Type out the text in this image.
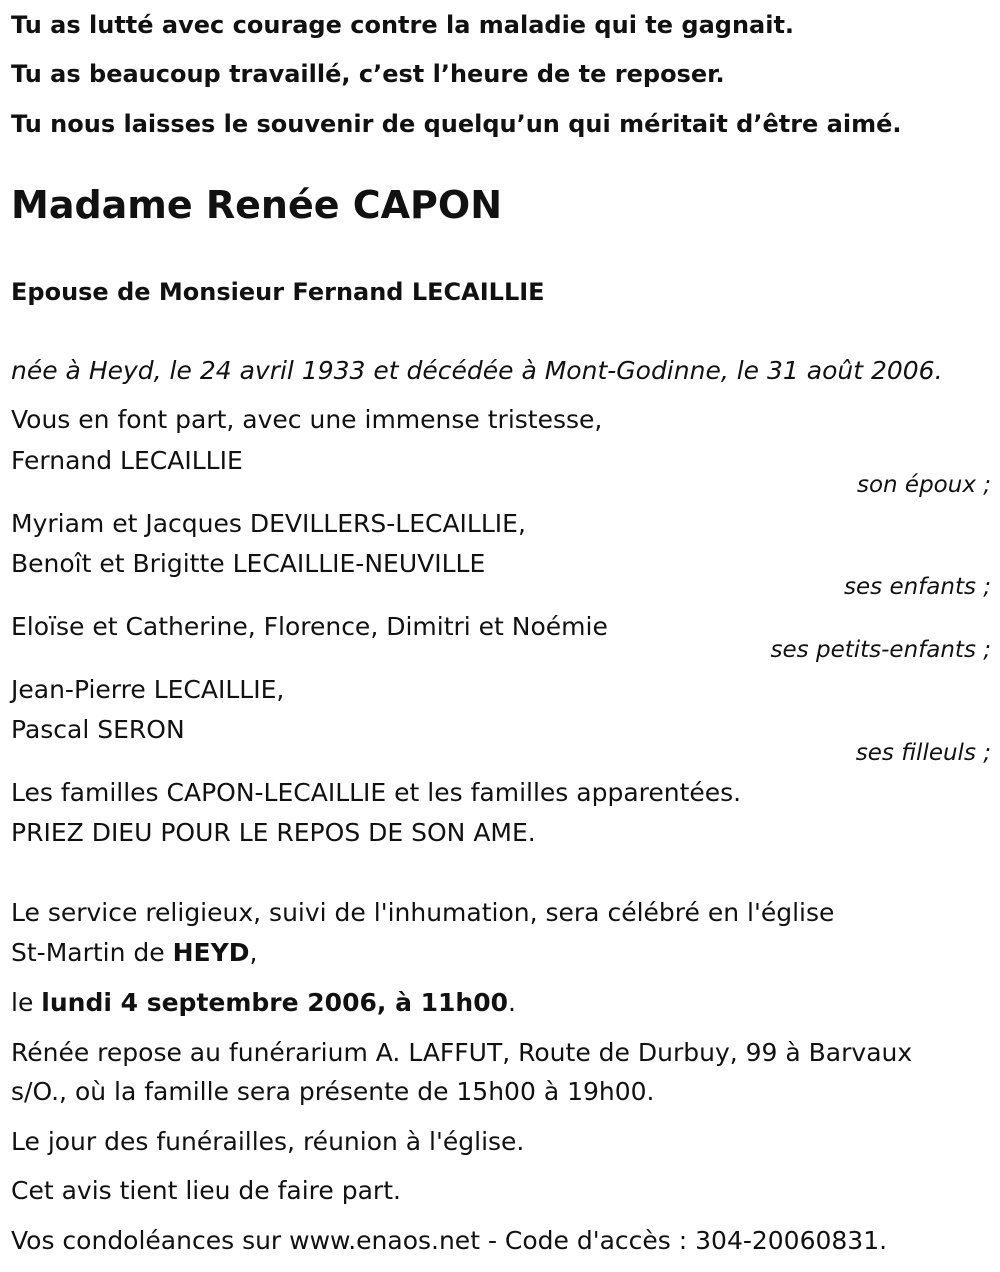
Tu as lutté avec courage contre la maladie qui te gagnait.
Tu as beaucoup travaillé, c’est l’heure de te reposer.
Tu nous laisses le souvenir de quelqu’un qui méritait d’être aimé.
Madame Renée CAPON
Epouse de Monsieur Fernand LECAILLIE
née à Heyd, le 24 avril 1933 et décédée à Mont-Godinne, le 31 août 2006.
Vous en font part, avec une immense tristesse,
Fernand LECAILLIE
son époux ;
Myriam et Jacques DEVILLERS-LECAILLIE,
Benoît et Brigitte LECAILLIE-NEUVILLE
ses enfants ;
Eloïse et Catherine, Florence, Dimitri et Noémie
ses petits-enfants ;
Jean-Pierre LECAILLIE,
Pascal SERON
ses filleuls ;
Les familles CAPON-LECAILLIE et les familles apparentées.
PRIEZ DIEU POUR LE REPOS DE SON AME.
Le service religieux, suivi de l'inhumation, sera célébré en l'église
St-Martin de HEYD,
le lundi 4 septembre 2006, à 11h00.
Rénée repose au funérarium A. LAFFUT, Route de Durbuy, 99 à Barvaux
s/O., où la famille sera présente de 15h00 à 19h00.
Le jour des funérailles, réunion à l'église.
Cet avis tient lieu de faire part.
Vos condoléances sur www.enaos.net - Code d'accès : 304-20060831.
